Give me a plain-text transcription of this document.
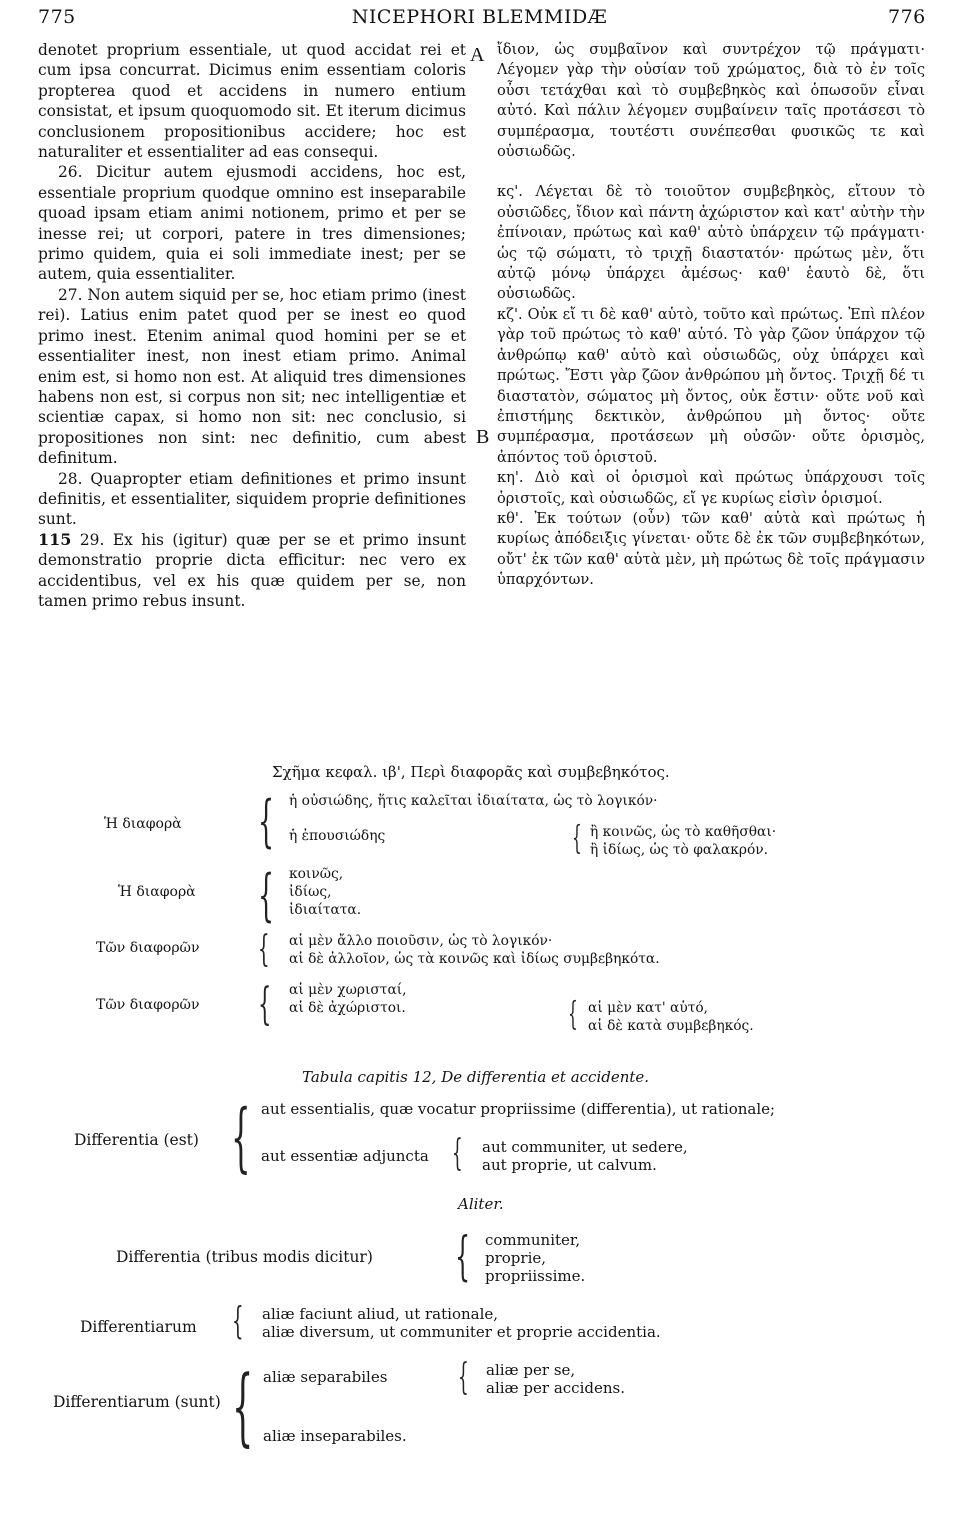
775	NICEPHORI BLEMMIDÆ	776

denotet proprium essentiale, ut quod accidat rei et cum ipsa concurrat. Dicimus enim essentiam coloris propterea quod et accidens in numero entium consistat, et ipsum quoquomodo sit. Et iterum dicimus conclusionem propositionibus accidere; hoc est naturaliter et essentialiter ad eas consequi.

26. Dicitur autem ejusmodi accidens, hoc est, essentiale proprium quodque omnino est inseparabile quoad ipsam etiam animi notionem, primo et per se inesse rei; ut corpori, patere in tres dimensiones; primo quidem, quia ei soli immediate inest; per se autem, quia essentialiter.

27. Non autem siquid per se, hoc etiam primo (inest rei). Latius enim patet quod per se inest eo quod primo inest. Etenim animal quod homini per se et essentialiter inest, non inest etiam primo. Animal enim est, si homo non est. At aliquid tres dimensiones habens non est, si corpus non sit; nec intelligentiæ et scientiæ capax, si homo non sit: nec conclusio, si propositiones non sint: nec definitio, cum abest definitum.

28. Quapropter etiam definitiones et primo insunt definitis, et essentialiter, siquidem proprie definitiones sunt.

115 29. Ex his (igitur) quæ per se et primo insunt demonstratio proprie dicta efficitur: nec vero ex accidentibus, vel ex his quæ quidem per se, non tamen primo rebus insunt.

A
B

ἴδιον, ὡς συμβαῖνον καὶ συντρέχον τῷ πράγματι· Λέγομεν γὰρ τὴν οὐσίαν τοῦ χρώματος, διὰ τὸ ἐν τοῖς οὖσι τετάχθαι καὶ τὸ συμβεβηκὸς καὶ ὁπωσοῦν εἶναι αὐτό. Καὶ πάλιν λέγομεν συμβαίνειν ταῖς προτάσεσι τὸ συμπέρασμα, τουτέστι συνέπεσθαι φυσικῶς τε καὶ οὐσιωδῶς.

κς'. Λέγεται δὲ τὸ τοιοῦτον συμβεβηκὸς, εἴτουν τὸ οὐσιῶδες, ἴδιον καὶ πάντη ἀχώριστον καὶ κατ' αὐτὴν τὴν ἐπίνοιαν, πρώτως καὶ καθ' αὑτὸ ὑπάρχειν τῷ πράγματι· ὡς τῷ σώματι, τὸ τριχῇ διαστατόν· πρώτως μὲν, ὅτι αὐτῷ μόνῳ ὑπάρχει ἀμέσως· καθ' ἑαυτὸ δὲ, ὅτι οὐσιωδῶς.

κζ'. Οὐκ εἴ τι δὲ καθ' αὑτὸ, τοῦτο καὶ πρώτως. Ἐπὶ πλέον γὰρ τοῦ πρώτως τὸ καθ' αὑτό. Τὸ γὰρ ζῶον ὑπάρχον τῷ ἀνθρώπῳ καθ' αὑτὸ καὶ οὐσιωδῶς, οὐχ ὑπάρχει καὶ πρώτως. Ἔστι γὰρ ζῶον ἀνθρώπου μὴ ὄντος. Τριχῇ δέ τι διαστατὸν, σώματος μὴ ὄντος, οὐκ ἔστιν· οὔτε νοῦ καὶ ἐπιστήμης δεκτικὸν, ἀνθρώπου μὴ ὄντος· οὔτε συμπέρασμα, προτάσεων μὴ οὐσῶν· οὔτε ὁρισμὸς, ἀπόντος τοῦ ὁριστοῦ.

κη'. Διὸ καὶ οἱ ὁρισμοὶ καὶ πρώτως ὑπάρχουσι τοῖς ὁριστοῖς, καὶ οὐσιωδῶς, εἴ γε κυρίως εἰσὶν ὁρισμοί.

κθ'. Ἐκ τούτων (οὖν) τῶν καθ' αὑτὰ καὶ πρώτως ἡ κυρίως ἀπόδειξις γίνεται· οὔτε δὲ ἐκ τῶν συμβεβηκότων, οὔτ' ἐκ τῶν καθ' αὑτὰ μὲν, μὴ πρώτως δὲ τοῖς πράγμασιν ὑπαρχόντων.

Σχῆμα κεφαλ. ιβ', Περὶ διαφορᾶς καὶ συμβεβηκότος.
Ἡ διαφορὰ { ἡ οὐσιώδης, ἥτις καλεῖται ἰδιαίτατα, ὡς τὸ λογικόν·
ἡ ἐπουσιώδης	{ ἢ κοινῶς, ὡς τὸ καθῆσθαι·
ἢ ἰδίως, ὡς τὸ φαλακρόν.
Ἡ διαφορὰ { κοινῶς,
ἰδίως,
ἰδιαίτατα.
Τῶν διαφορῶν { αἱ μὲν ἄλλο ποιοῦσιν, ὡς τὸ λογικόν·
αἱ δὲ ἀλλοῖον, ὡς τὰ κοινῶς καὶ ἰδίως συμβεβηκότα.
Τῶν διαφορῶν { αἱ μὲν χωρισταί,
αἱ δὲ ἀχώριστοι.	{ αἱ μὲν κατ' αὑτό,
αἱ δὲ κατὰ συμβεβηκός.
Tabula capitis 12, De differentia et accidente.
Differentia (est) { aut essentialis, quæ vocatur propriissime (differentia), ut rationale;
aut essentiæ adjuncta { aut communiter, ut sedere,
aut proprie, ut calvum.
Aliter.
Differentia (tribus modis dicitur) { communiter,
proprie,
propriissime.
Differentiarum { aliæ faciunt aliud, ut rationale,
aliæ diversum, ut communiter et proprie accidentia.
Differentiarum (sunt) { aliæ separabiles	{ aliæ per se,
aliæ per accidens.
aliæ inseparabiles.
